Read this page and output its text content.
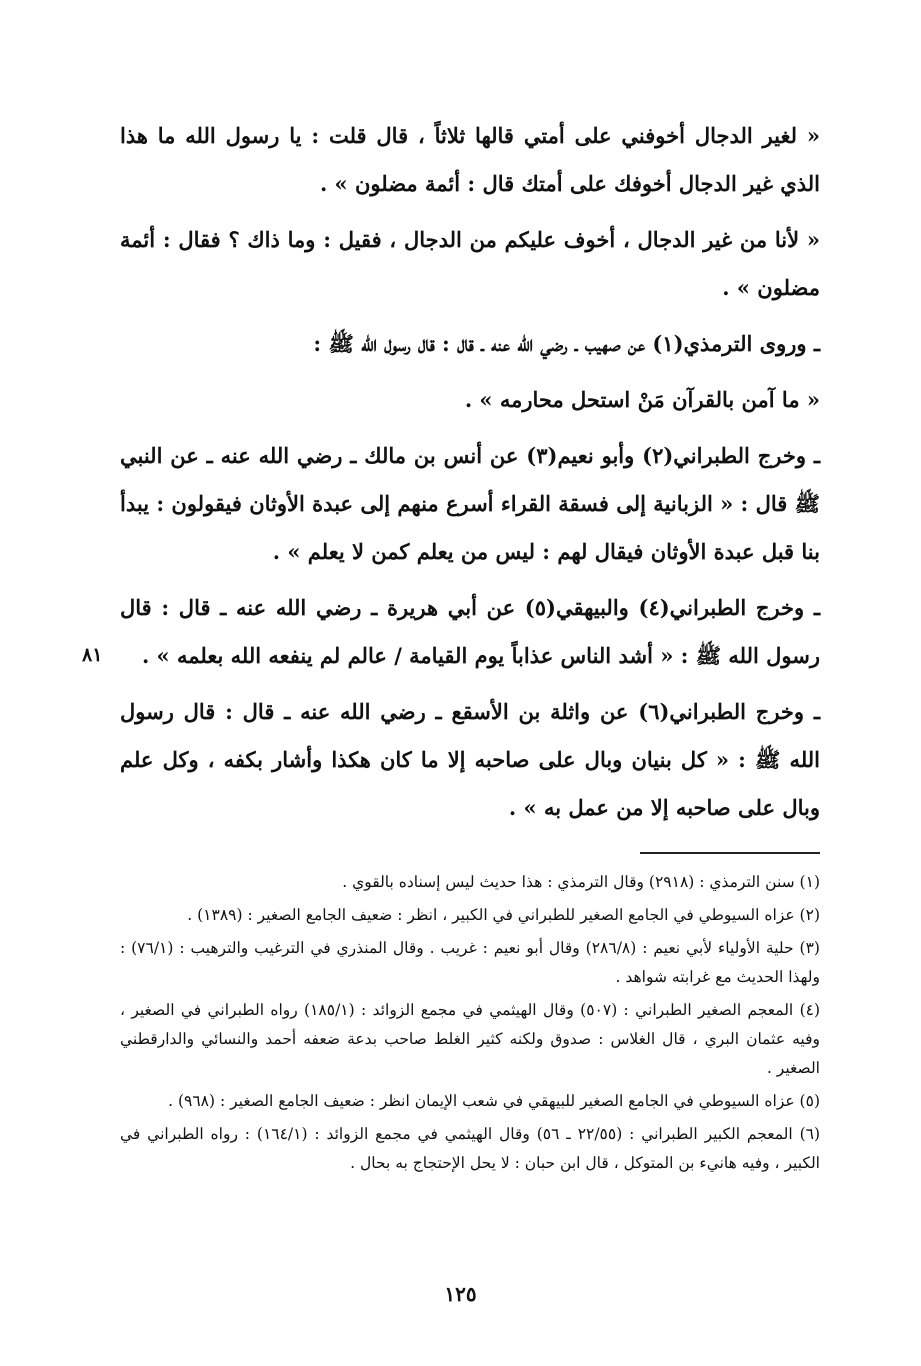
« لغير الدجال أخوفني على أمتي قالها ثلاثاً ، قال قلت : يا رسول الله ما هذا الذي غير الدجال أخوفك على أمتك قال : أئمة مضلون » .

« لأنا من غير الدجال ، أخوف عليكم من الدجال ، فقيل : وما ذاك ؟ فقال : أئمة مضلون » .

ـ وروى الترمذي(١) عن صهيب ـ رضي الله عنه ـ قال : قال رسول الله ﷺ :

« ما آمن بالقرآن مَنْ استحل محارمه » .

ـ وخرج الطبراني(٢) وأبو نعيم(٣) عن أنس بن مالك ـ رضي الله عنه ـ عن النبي ﷺ قال : « الزبانية إلى فسقة القراء أسرع منهم إلى عبدة الأوثان فيقولون : يبدأ بنا قبل عبدة الأوثان فيقال لهم : ليس من يعلم كمن لا يعلم » .

ـ وخرج الطبراني(٤) والبيهقي(٥) عن أبي هريرة ـ رضي الله عنه ـ قال : قال رسول الله ﷺ : « أشد الناس عذاباً يوم القيامة / عالم لم ينفعه الله بعلمه » .

ـ وخرج الطبراني(٦) عن واثلة بن الأسقع ـ رضي الله عنه ـ قال : قال رسول الله ﷺ : « كل بنيان وبال على صاحبه إلا ما كان هكذا وأشار بكفه ، وكل علم وبال على صاحبه إلا من عمل به » .

٨١

(١) سنن الترمذي : (٢٩١٨) وقال الترمذي : هذا حديث ليس إسناده بالقوي .

(٢) عزاه السيوطي في الجامع الصغير للطبراني في الكبير ، انظر : ضعيف الجامع الصغير : (١٣٨٩) .

(٣) حلية الأولياء لأبي نعيم : (٢٨٦/٨) وقال أبو نعيم : غريب . وقال المنذري في الترغيب والترهيب : (٧٦/١) : ولهذا الحديث مع غرابته شواهد .

(٤) المعجم الصغير الطبراني : (٥٠٧) وقال الهيثمي في مجمع الزوائد : (١٨٥/١) رواه الطبراني في الصغير ، وفيه عثمان البري ، قال الغلاس : صدوق ولكنه كثير الغلط صاحب بدعة ضعفه أحمد والنسائي والدارقطني الصغير .

(٥) عزاه السيوطي في الجامع الصغير للبيهقي في شعب الإيمان انظر : ضعيف الجامع الصغير : (٩٦٨) .

(٦) المعجم الكبير الطبراني : (٢٢/٥٥ ـ ٥٦) وقال الهيثمي في مجمع الزوائد : (١٦٤/١) : رواه الطبراني في الكبير ، وفيه هانيء بن المتوكل ، قال ابن حبان : لا يحل الإحتجاج به بحال .

١٢٥
